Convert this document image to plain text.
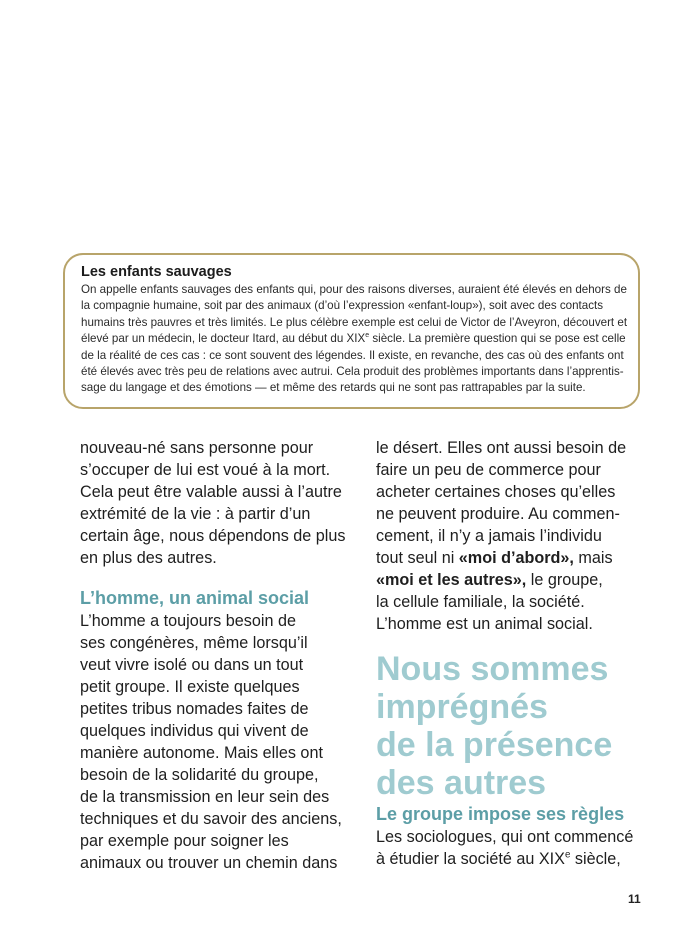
Les enfants sauvages

On appelle enfants sauvages des enfants qui, pour des raisons diverses, auraient été élevés en dehors de
la compagnie humaine, soit par des animaux (d’où l’expression «enfant-loup»), soit avec des contacts
humains très pauvres et très limités. Le plus célèbre exemple est celui de Victor de l’Aveyron, découvert et
élevé par un médecin, le docteur Itard, au début du XIXe siècle. La première question qui se pose est celle
de la réalité de ces cas : ce sont souvent des légendes. Il existe, en revanche, des cas où des enfants ont
été élevés avec très peu de relations avec autrui. Cela produit des problèmes importants dans l’apprentis-
sage du langage et des émotions — et même des retards qui ne sont pas rattrapables par la suite.

nouveau-né sans personne pour
s’occuper de lui est voué à la mort.
Cela peut être valable aussi à l’autre
extrémité de la vie : à partir d’un
certain âge, nous dépendons de plus
en plus des autres.

L’homme, un animal social

L’homme a toujours besoin de
ses congénères, même lorsqu’il
veut vivre isolé ou dans un tout
petit groupe. Il existe quelques
petites tribus nomades faites de
quelques individus qui vivent de
manière autonome. Mais elles ont
besoin de la solidarité du groupe,
de la transmission en leur sein des
techniques et du savoir des anciens,
par exemple pour soigner les
animaux ou trouver un chemin dans

le désert. Elles ont aussi besoin de
faire un peu de commerce pour
acheter certaines choses qu’elles
ne peuvent produire. Au commen-
cement, il n’y a jamais l’individu
tout seul ni «moi d’abord», mais
«moi et les autres», le groupe,
la cellule familiale, la société.
L’homme est un animal social.

Nous sommes
imprégnés
de la présence
des autres
Le groupe impose ses règles

Les sociologues, qui ont commencé
à étudier la société au XIXe siècle,

11
